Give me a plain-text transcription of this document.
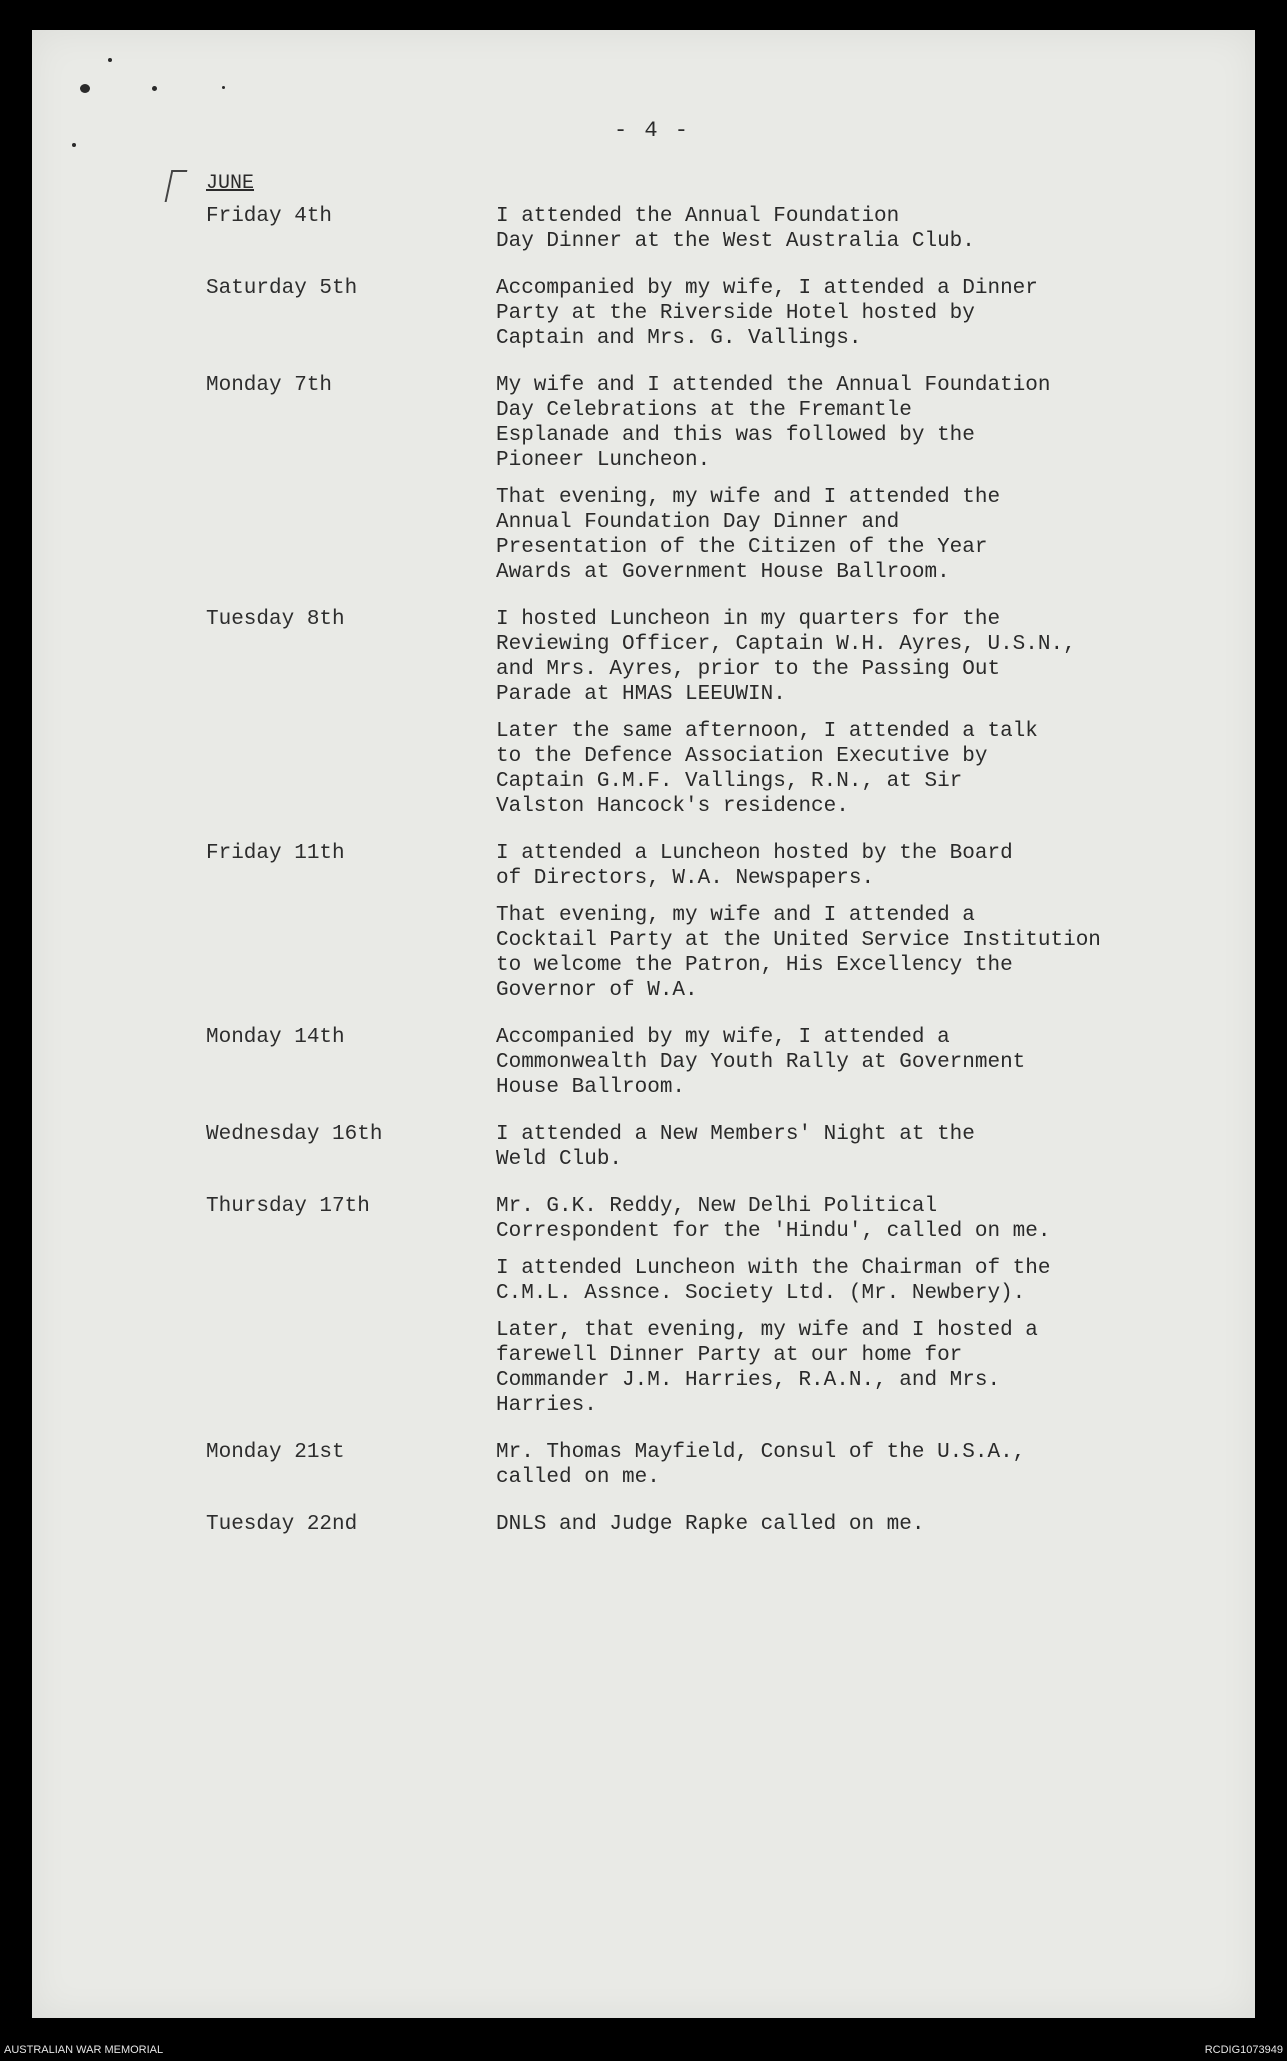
- 4 -
JUNE
Friday 4th	I attended the Annual Foundation
Day Dinner at the West Australia Club.

Saturday 5th	Accompanied by my wife, I attended a Dinner
Party at the Riverside Hotel hosted by
Captain and Mrs. G. Vallings.

Monday 7th	My wife and I attended the Annual Foundation
Day Celebrations at the Fremantle
Esplanade and this was followed by the
Pioneer Luncheon.

That evening, my wife and I attended the
Annual Foundation Day Dinner and
Presentation of the Citizen of the Year
Awards at Government House Ballroom.

Tuesday 8th	I hosted Luncheon in my quarters for the
Reviewing Officer, Captain W.H. Ayres, U.S.N.,
and Mrs. Ayres, prior to the Passing Out
Parade at HMAS LEEUWIN.

Later the same afternoon, I attended a talk
to the Defence Association Executive by
Captain G.M.F. Vallings, R.N., at Sir
Valston Hancock's residence.

Friday 11th	I attended a Luncheon hosted by the Board
of Directors, W.A. Newspapers.

That evening, my wife and I attended a
Cocktail Party at the United Service Institution
to welcome the Patron, His Excellency the
Governor of W.A.

Monday 14th	Accompanied by my wife, I attended a
Commonwealth Day Youth Rally at Government
House Ballroom.

Wednesday 16th	I attended a New Members' Night at the
Weld Club.

Thursday 17th	Mr. G.K. Reddy, New Delhi Political
Correspondent for the 'Hindu', called on me.

I attended Luncheon with the Chairman of the
C.M.L. Assnce. Society Ltd. (Mr. Newbery).

Later, that evening, my wife and I hosted a
farewell Dinner Party at our home for
Commander J.M. Harries, R.A.N., and Mrs.
Harries.

Monday 21st	Mr. Thomas Mayfield, Consul of the U.S.A.,
called on me.

Tuesday 22nd	DNLS and Judge Rapke called on me.

AUSTRALIAN WAR MEMORIAL	RCDIG1073949
